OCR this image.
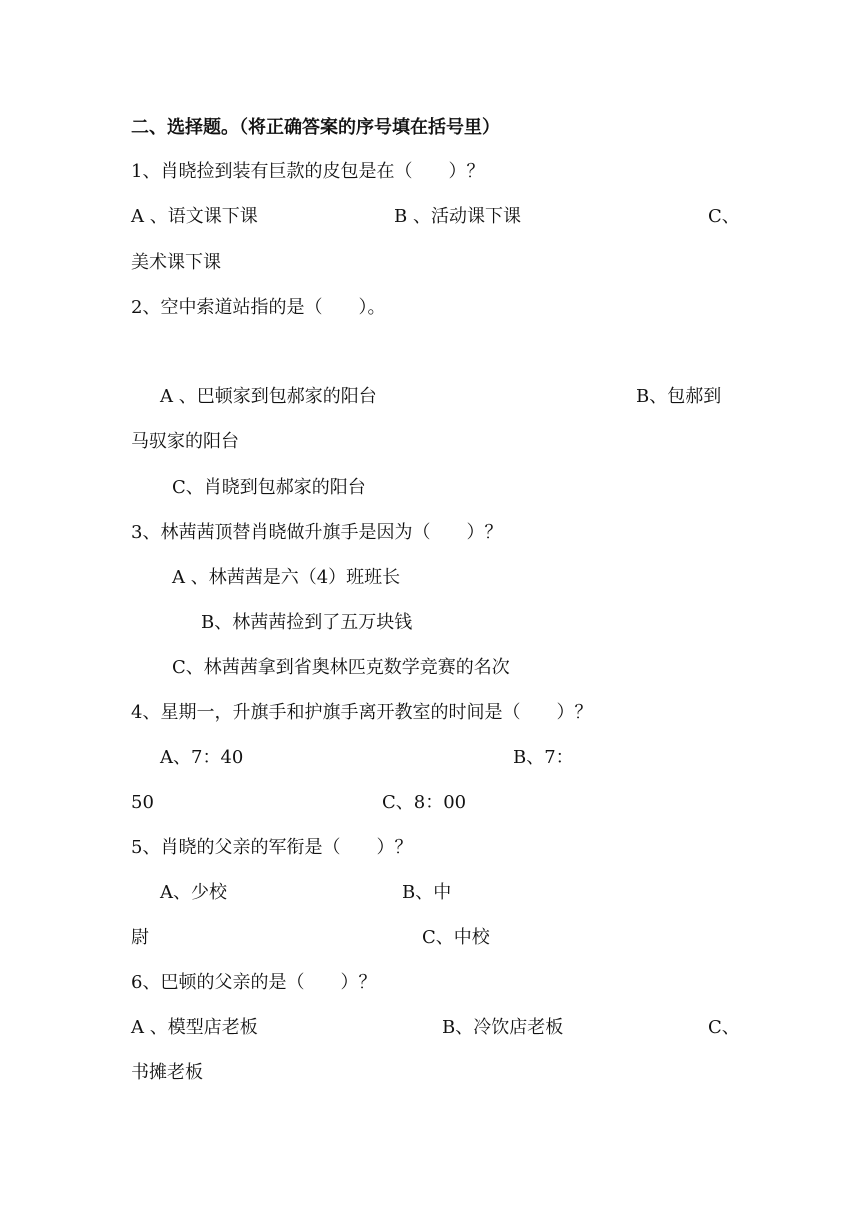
二、选择题。（将正确答案的序号填在括号里）
1、肖晓捡到装有巨款的皮包是在（　　）？
A 、语文课下课	B 、活动课下课	C、
美术课下课
2、空中索道站指的是（　　）。
A 、巴顿家到包郝家的阳台	B、包郝到
马驭家的阳台
C、肖晓到包郝家的阳台
3、林茜茜顶替肖晓做升旗手是因为（　　）？
A 、林茜茜是六（4）班班长
B、林茜茜捡到了五万块钱
C、林茜茜拿到省奥林匹克数学竞赛的名次
4、星期一，升旗手和护旗手离开教室的时间是（　　）？
A、7：40	B、7：
50	C、8：00
5、肖晓的父亲的军衔是（　　）？
A、少校	B、中
尉	C、中校
6、巴顿的父亲的是（　　）？
A 、模型店老板	B、冷饮店老板	C、
书摊老板
